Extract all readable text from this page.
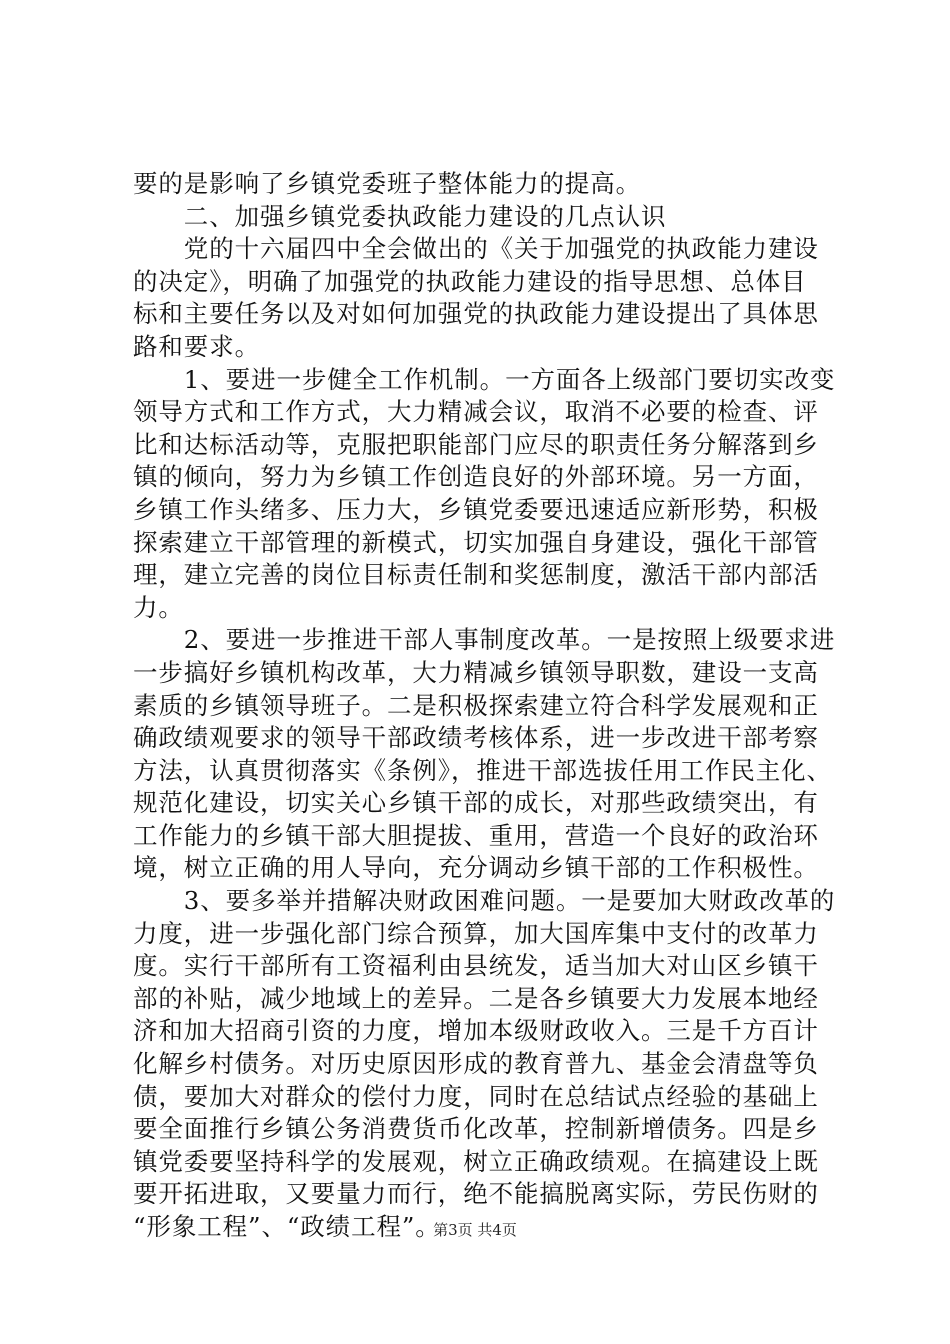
要的是影响了乡镇党委班子整体能力的提高。
　　二、加强乡镇党委执政能力建设的几点认识
　　党的十六届四中全会做出的《关于加强党的执政能力建设
的决定》，明确了加强党的执政能力建设的指导思想、总体目
标和主要任务以及对如何加强党的执政能力建设提出了具体思
路和要求。
　　1、要进一步健全工作机制。一方面各上级部门要切实改变
领导方式和工作方式，大力精减会议，取消不必要的检查、评
比和达标活动等，克服把职能部门应尽的职责任务分解落到乡
镇的倾向，努力为乡镇工作创造良好的外部环境。另一方面，
乡镇工作头绪多、压力大，乡镇党委要迅速适应新形势，积极
探索建立干部管理的新模式，切实加强自身建设，强化干部管
理，建立完善的岗位目标责任制和奖惩制度，激活干部内部活
力。
　　2、要进一步推进干部人事制度改革。一是按照上级要求进
一步搞好乡镇机构改革，大力精减乡镇领导职数，建设一支高
素质的乡镇领导班子。二是积极探索建立符合科学发展观和正
确政绩观要求的领导干部政绩考核体系，进一步改进干部考察
方法，认真贯彻落实《条例》，推进干部选拔任用工作民主化、
规范化建设，切实关心乡镇干部的成长，对那些政绩突出，有
工作能力的乡镇干部大胆提拔、重用，营造一个良好的政治环
境，树立正确的用人导向，充分调动乡镇干部的工作积极性。
　　3、要多举并措解决财政困难问题。一是要加大财政改革的
力度，进一步强化部门综合预算，加大国库集中支付的改革力
度。实行干部所有工资福利由县统发，适当加大对山区乡镇干
部的补贴，减少地域上的差异。二是各乡镇要大力发展本地经
济和加大招商引资的力度，增加本级财政收入。三是千方百计
化解乡村债务。对历史原因形成的教育普九、基金会清盘等负
债，要加大对群众的偿付力度，同时在总结试点经验的基础上
要全面推行乡镇公务消费货币化改革，控制新增债务。四是乡
镇党委要坚持科学的发展观，树立正确政绩观。在搞建设上既
要开拓进取，又要量力而行，绝不能搞脱离实际，劳民伤财的
“形象工程”、“政绩工程”。
第3页 共4页
